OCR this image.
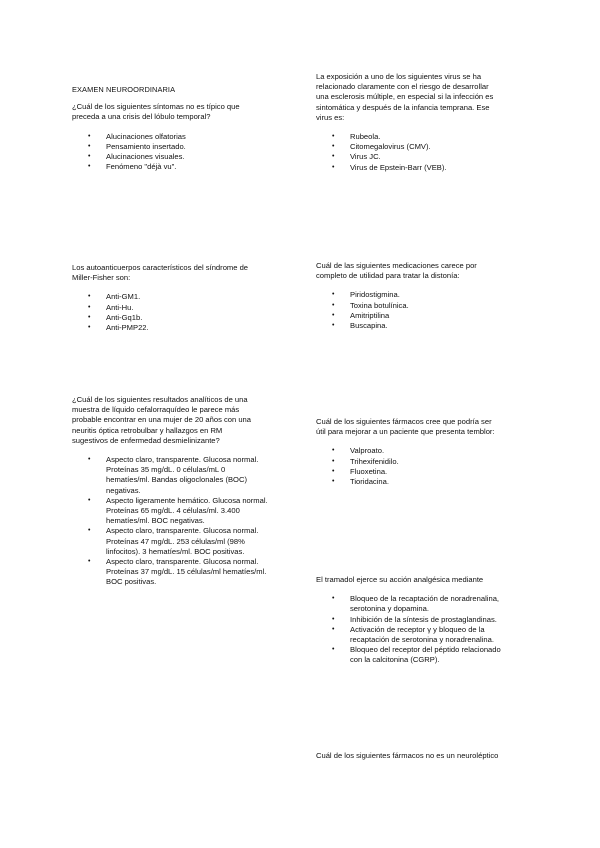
EXAMEN NEUROORDINARIA
¿Cuál de los siguientes síntomas no es típico que
preceda a una crisis del lóbulo temporal?
• Alucinaciones olfatorias
• Pensamiento insertado.
• Alucinaciones visuales.
• Fenómeno "déjà vu".
La exposición a uno de los siguientes virus se ha
relacionado claramente con el riesgo de desarrollar
una esclerosis múltiple, en especial si la infección es
sintomática y después de la infancia temprana. Ese
virus es:
• Rubeola.
• Citomegalovirus (CMV).
• Virus JC.
• Virus de Epstein-Barr (VEB).
Los autoanticuerpos característicos del síndrome de
Miller-Fisher son:
• Anti-GM1.
• Anti-Hu.
• Anti-Gq1b.
• Anti-PMP22.
Cuál de las siguientes medicaciones carece por
completo de utilidad para tratar la distonía:
• Piridostigmina.
• Toxina botulínica.
• Amitriptilina
• Buscapina.
¿Cuál de los siguientes resultados analíticos de una
muestra de líquido cefalorraquídeo le parece más
probable encontrar en una mujer de 20 años con una
neuritis óptica retrobulbar y hallazgos en RM
sugestivos de enfermedad desmielinizante?
• Aspecto claro, transparente. Glucosa normal.
Proteínas 35 mg/dL. 0 células/mL 0
hematíes/ml. Bandas oligoclonales (BOC)
negativas.
• Aspecto ligeramente hemático. Glucosa normal.
Proteínas 65 mg/dL. 4 células/ml. 3.400
hematíes/ml. BOC negativas.
• Aspecto claro, transparente. Glucosa normal.
Proteínas 47 mg/dL. 253 células/ml (98%
linfocitos). 3 hematíes/ml. BOC positivas.
• Aspecto claro, transparente. Glucosa normal.
Proteínas 37 mg/dL. 15 células/ml hematíes/ml.
BOC positivas.
Cuál de los siguientes fármacos cree que podría ser
útil para mejorar a un paciente que presenta temblor:
• Valproato.
• Trihexifenidilo.
• Fluoxetina.
• Tioridacina.
El tramadol ejerce su acción analgésica mediante
• Bloqueo de la recaptación de noradrenalina,
serotonina y dopamina.
• Inhibición de la síntesis de prostaglandinas.
• Activación de receptor γ y bloqueo de la
recaptación de serotonina y noradrenalina.
• Bloqueo del receptor del péptido relacionado
con la calcitonina (CGRP).
Cuál de los siguientes fármacos no es un neuroléptico
